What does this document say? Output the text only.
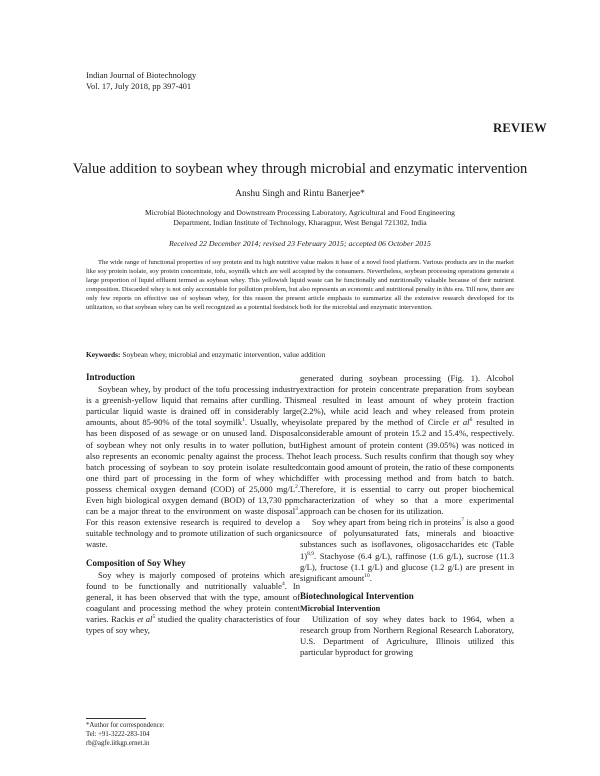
Indian Journal of Biotechnology
Vol. 17, July 2018, pp 397-401
REVIEW
Value addition to soybean whey through microbial and enzymatic intervention
Anshu Singh and Rintu Banerjee*
Microbial Biotechnology and Downstream Processing Laboratory, Agricultural and Food Engineering
Department, Indian Institute of Technology, Kharagpur, West Bengal 721302, India
Received 22 December 2014; revised 23 February 2015; accepted 06 October 2015

The wide range of functional properties of soy protein and its high nutritive value makes it base of a novel food platform. Various products are in the market like soy protein isolate, soy protein concentrate, tofu, soymilk which are well accepted by the consumers. Nevertheless, soybean processing operations generate a large proportion of liquid effluent termed as soybean whey. This yellowish liquid waste can be functionally and nutritionally valuable because of their nutrient composition. Discarded whey is not only accountable for pollution problem, but also represents an economic and nutritional penalty in this era. Till now, there are only few reports on effective use of soybean whey, for this reason the present article emphasis to summarize all the extensive research developed for its utilization, so that soybean whey can be well recognized as a potential feedstock both for the microbial and enzymatic intervention.

Keywords: Soybean whey, microbial and enzymatic intervention, value addition
Introduction

Soybean whey, by product of the tofu processing industry is a greenish-yellow liquid that remains after curdling. This particular liquid waste is drained off in considerably large amounts, about 85-90% of the total soymilk$^1$. Usually, whey has been disposed of as sewage or on unused land. Disposal of soybean whey not only results in to water pollution, but also represents an economic penalty against the process. The batch processing of soybean to soy protein isolate resulted one third part of processing in the form of whey which possess chemical oxygen demand (COD) of 25,000 $mg/L^2$. Even high biological oxygen demand (BOD) of 13,730 ppm can be a major threat to the environment on waste disposal$^3$. For this reason extensive research is required to develop a suitable technology and to promote utilization of such organic waste.

Composition of Soy Whey

Soy whey is majorly composed of proteins which are found to be functionally and nutritionally valuable$^4$. In general, it has been observed that with the type, amount of coagulant and processing method the whey protein content varies. Rackis et $al^5$ studied the quality characteristics of four types of soy whey,

generated during soybean processing (Fig. 1). Alcohol extraction for protein concentrate preparation from soybean meal resulted in least amount of whey protein fraction (2.2%), while acid leach and whey released from protein isolate prepared by the method of Circle et $al^6$ resulted in considerable amount of protein 15.2 and 15.4%, respectively. Highest amount of protein content (39.05%) was noticed in hot leach process. Such results confirm that though soy whey contain good amount of protein, the ratio of these components differ with processing method and from batch to batch. Therefore, it is essential to carry out proper biochemical characterization of whey so that a more experimental approach can be chosen for its utilization.

Soy whey apart from being rich in proteins$^7$ is also a good source of polyunsaturated fats, minerals and bioactive substances such as isoflavones, oligosaccharides etc (Table 1)$^{8,9}$. Stachyose (6.4 g/L), raffinose (1.6 g/L), sucrose (11.3 g/L), fructose (1.1 g/L) and glucose (1.2 g/L) are present in significant amount$^{10}$.

Biotechnological Intervention
Microbial Intervention

Utilization of soy whey dates back to 1964, when a research group from Northern Regional Research Laboratory, U.S. Department of Agriculture, Illinois utilized this particular byproduct for growing

*Author for correspondence:
Tel: +91-3222-283-104
rb@agfe.iitkgp.ernet.in
